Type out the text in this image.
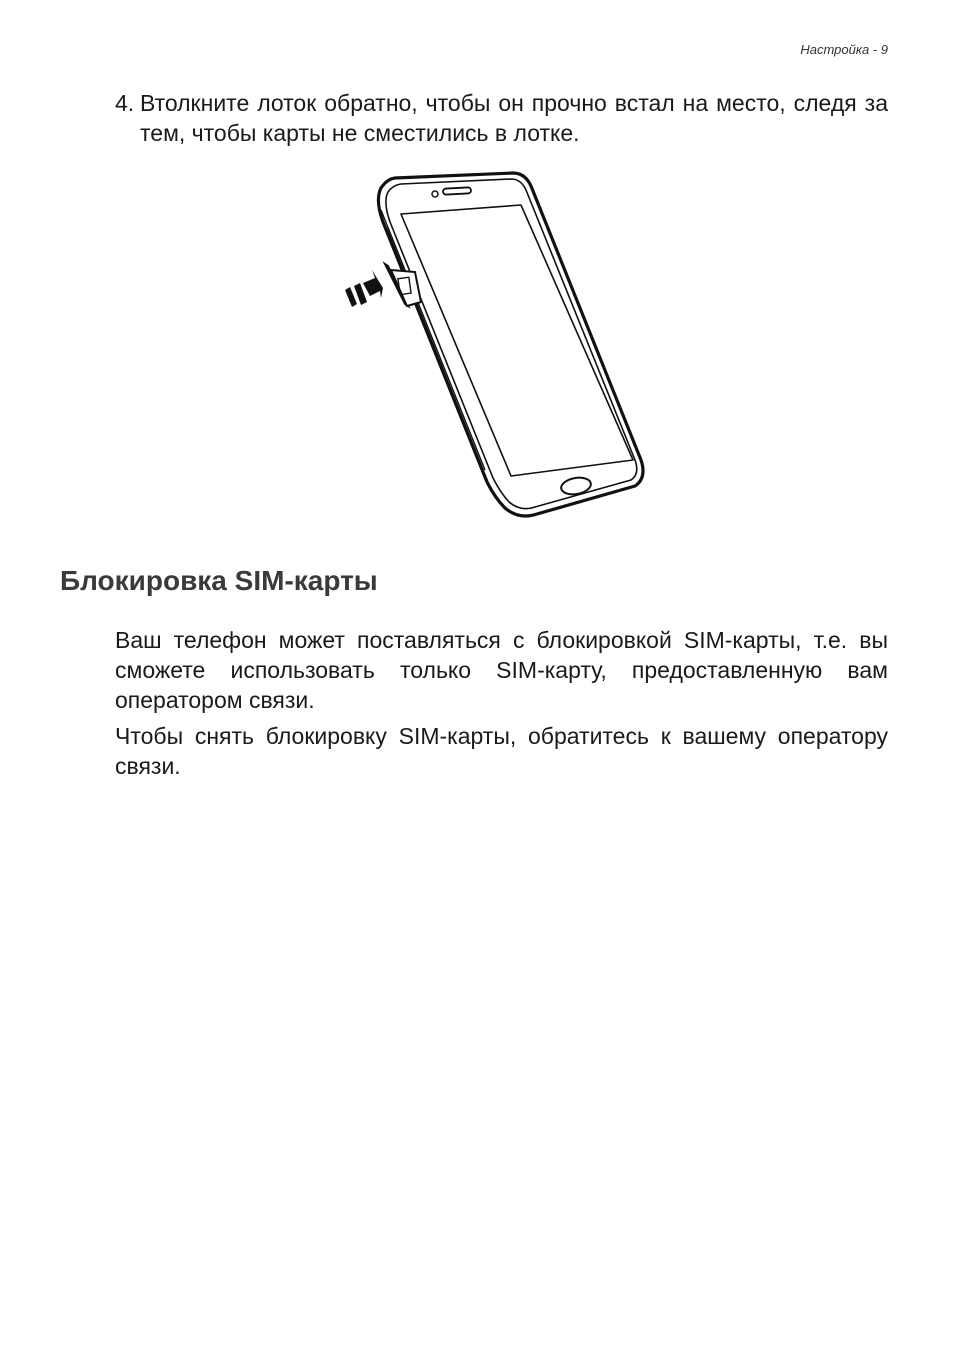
Настройка - 9
4. Втолкните лоток обратно, чтобы он прочно встал на место, следя за тем, чтобы карты не сместились в лотке.
Блокировка SIM-карты

Ваш телефон может поставляться с блокировкой SIM-карты, т.е. вы сможете использовать только SIM-карту, предоставленную вам оператором связи.

Чтобы снять блокировку SIM-карты, обратитесь к вашему оператору связи.
